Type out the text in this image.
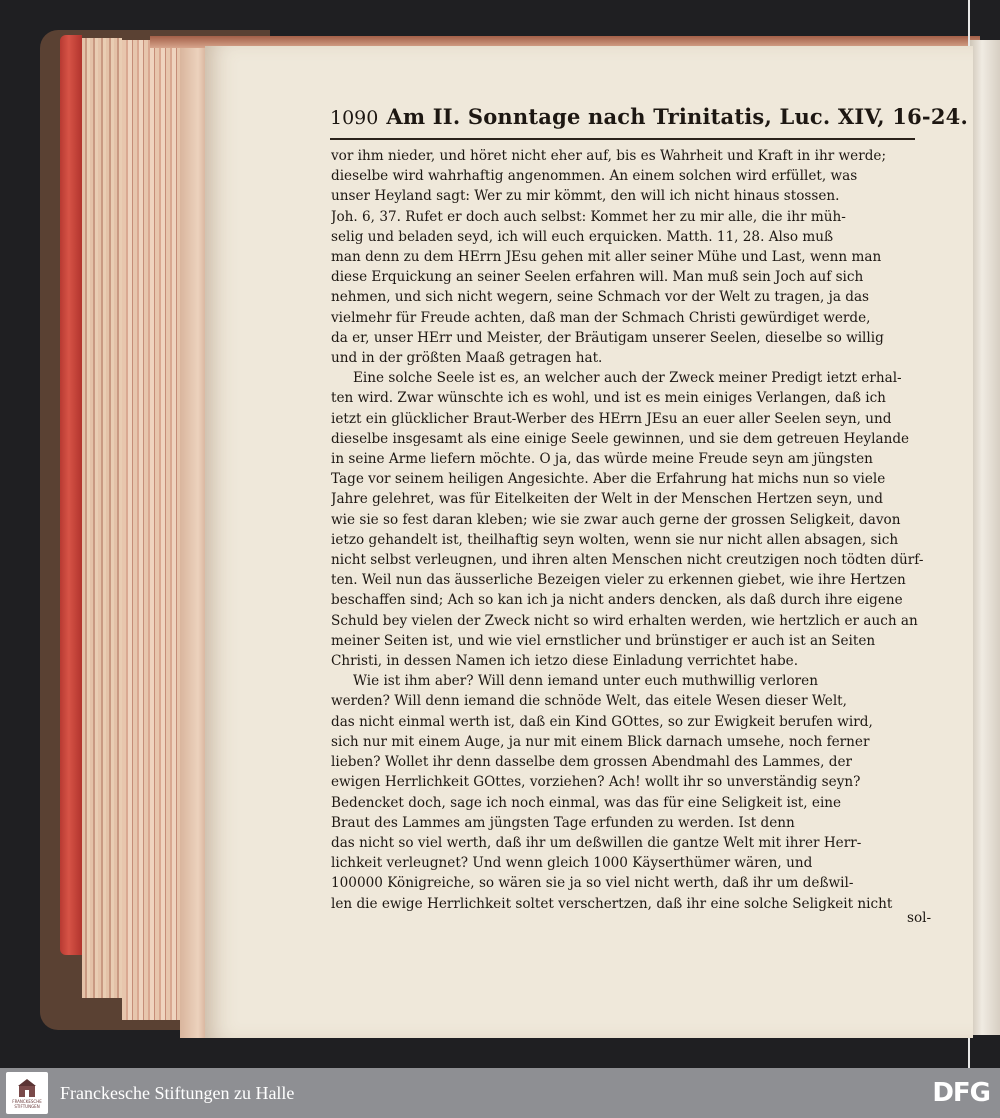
1090 Am II. Sonntage nach Trinitatis, Luc. XIV, 16-24.
vor ihm nieder, und höret nicht eher auf, bis es Wahrheit und Kraft in ihr werde;
dieselbe wird wahrhaftig angenommen. An einem solchen wird erfüllet, was
unser Heyland sagt: Wer zu mir kömmt, den will ich nicht hinaus stossen.
Joh. 6, 37. Rufet er doch auch selbst: Kommet her zu mir alle, die ihr müh-
selig und beladen seyd, ich will euch erquicken. Matth. 11, 28. Also muß
man denn zu dem HErrn JEsu gehen mit aller seiner Mühe und Last, wenn man
diese Erquickung an seiner Seelen erfahren will. Man muß sein Joch auf sich
nehmen, und sich nicht wegern, seine Schmach vor der Welt zu tragen, ja das
vielmehr für Freude achten, daß man der Schmach Christi gewürdiget werde,
da er, unser HErr und Meister, der Bräutigam unserer Seelen, dieselbe so willig
und in der größten Maaß getragen hat.
Eine solche Seele ist es, an welcher auch der Zweck meiner Predigt ietzt erhal-
ten wird. Zwar wünschte ich es wohl, und ist es mein einiges Verlangen, daß ich
ietzt ein glücklicher Braut-Werber des HErrn JEsu an euer aller Seelen seyn, und
dieselbe insgesamt als eine einige Seele gewinnen, und sie dem getreuen Heylande
in seine Arme liefern möchte. O ja, das würde meine Freude seyn am jüngsten
Tage vor seinem heiligen Angesichte. Aber die Erfahrung hat michs nun so viele
Jahre gelehret, was für Eitelkeiten der Welt in der Menschen Hertzen seyn, und
wie sie so fest daran kleben; wie sie zwar auch gerne der grossen Seligkeit, davon
ietzo gehandelt ist, theilhaftig seyn wolten, wenn sie nur nicht allen absagen, sich
nicht selbst verleugnen, und ihren alten Menschen nicht creutzigen noch tödten dürf-
ten. Weil nun das äusserliche Bezeigen vieler zu erkennen giebet, wie ihre Hertzen
beschaffen sind; Ach so kan ich ja nicht anders dencken, als daß durch ihre eigene
Schuld bey vielen der Zweck nicht so wird erhalten werden, wie hertzlich er auch an
meiner Seiten ist, und wie viel ernstlicher und brünstiger er auch ist an Seiten
Christi, in dessen Namen ich ietzo diese Einladung verrichtet habe.
Wie ist ihm aber? Will denn iemand unter euch muthwillig verloren
werden? Will denn iemand die schnöde Welt, das eitele Wesen dieser Welt,
das nicht einmal werth ist, daß ein Kind GOttes, so zur Ewigkeit berufen wird,
sich nur mit einem Auge, ja nur mit einem Blick darnach umsehe, noch ferner
lieben? Wollet ihr denn dasselbe dem grossen Abendmahl des Lammes, der
ewigen Herrlichkeit GOttes, vorziehen? Ach! wollt ihr so unverständig seyn?
Bedencket doch, sage ich noch einmal, was das für eine Seligkeit ist, eine
Braut des Lammes am jüngsten Tage erfunden zu werden. Ist denn
das nicht so viel werth, daß ihr um deßwillen die gantze Welt mit ihrer Herr-
lichkeit verleugnet? Und wenn gleich 1000 Käyserthümer wären, und
100000 Königreiche, so wären sie ja so viel nicht werth, daß ihr um deßwil-
len die ewige Herrlichkeit soltet verschertzen, daß ihr eine solche Seligkeit nicht
sol-
FRANCKESCHE STIFTUNGEN
Franckesche Stiftungen zu Halle	DFG
